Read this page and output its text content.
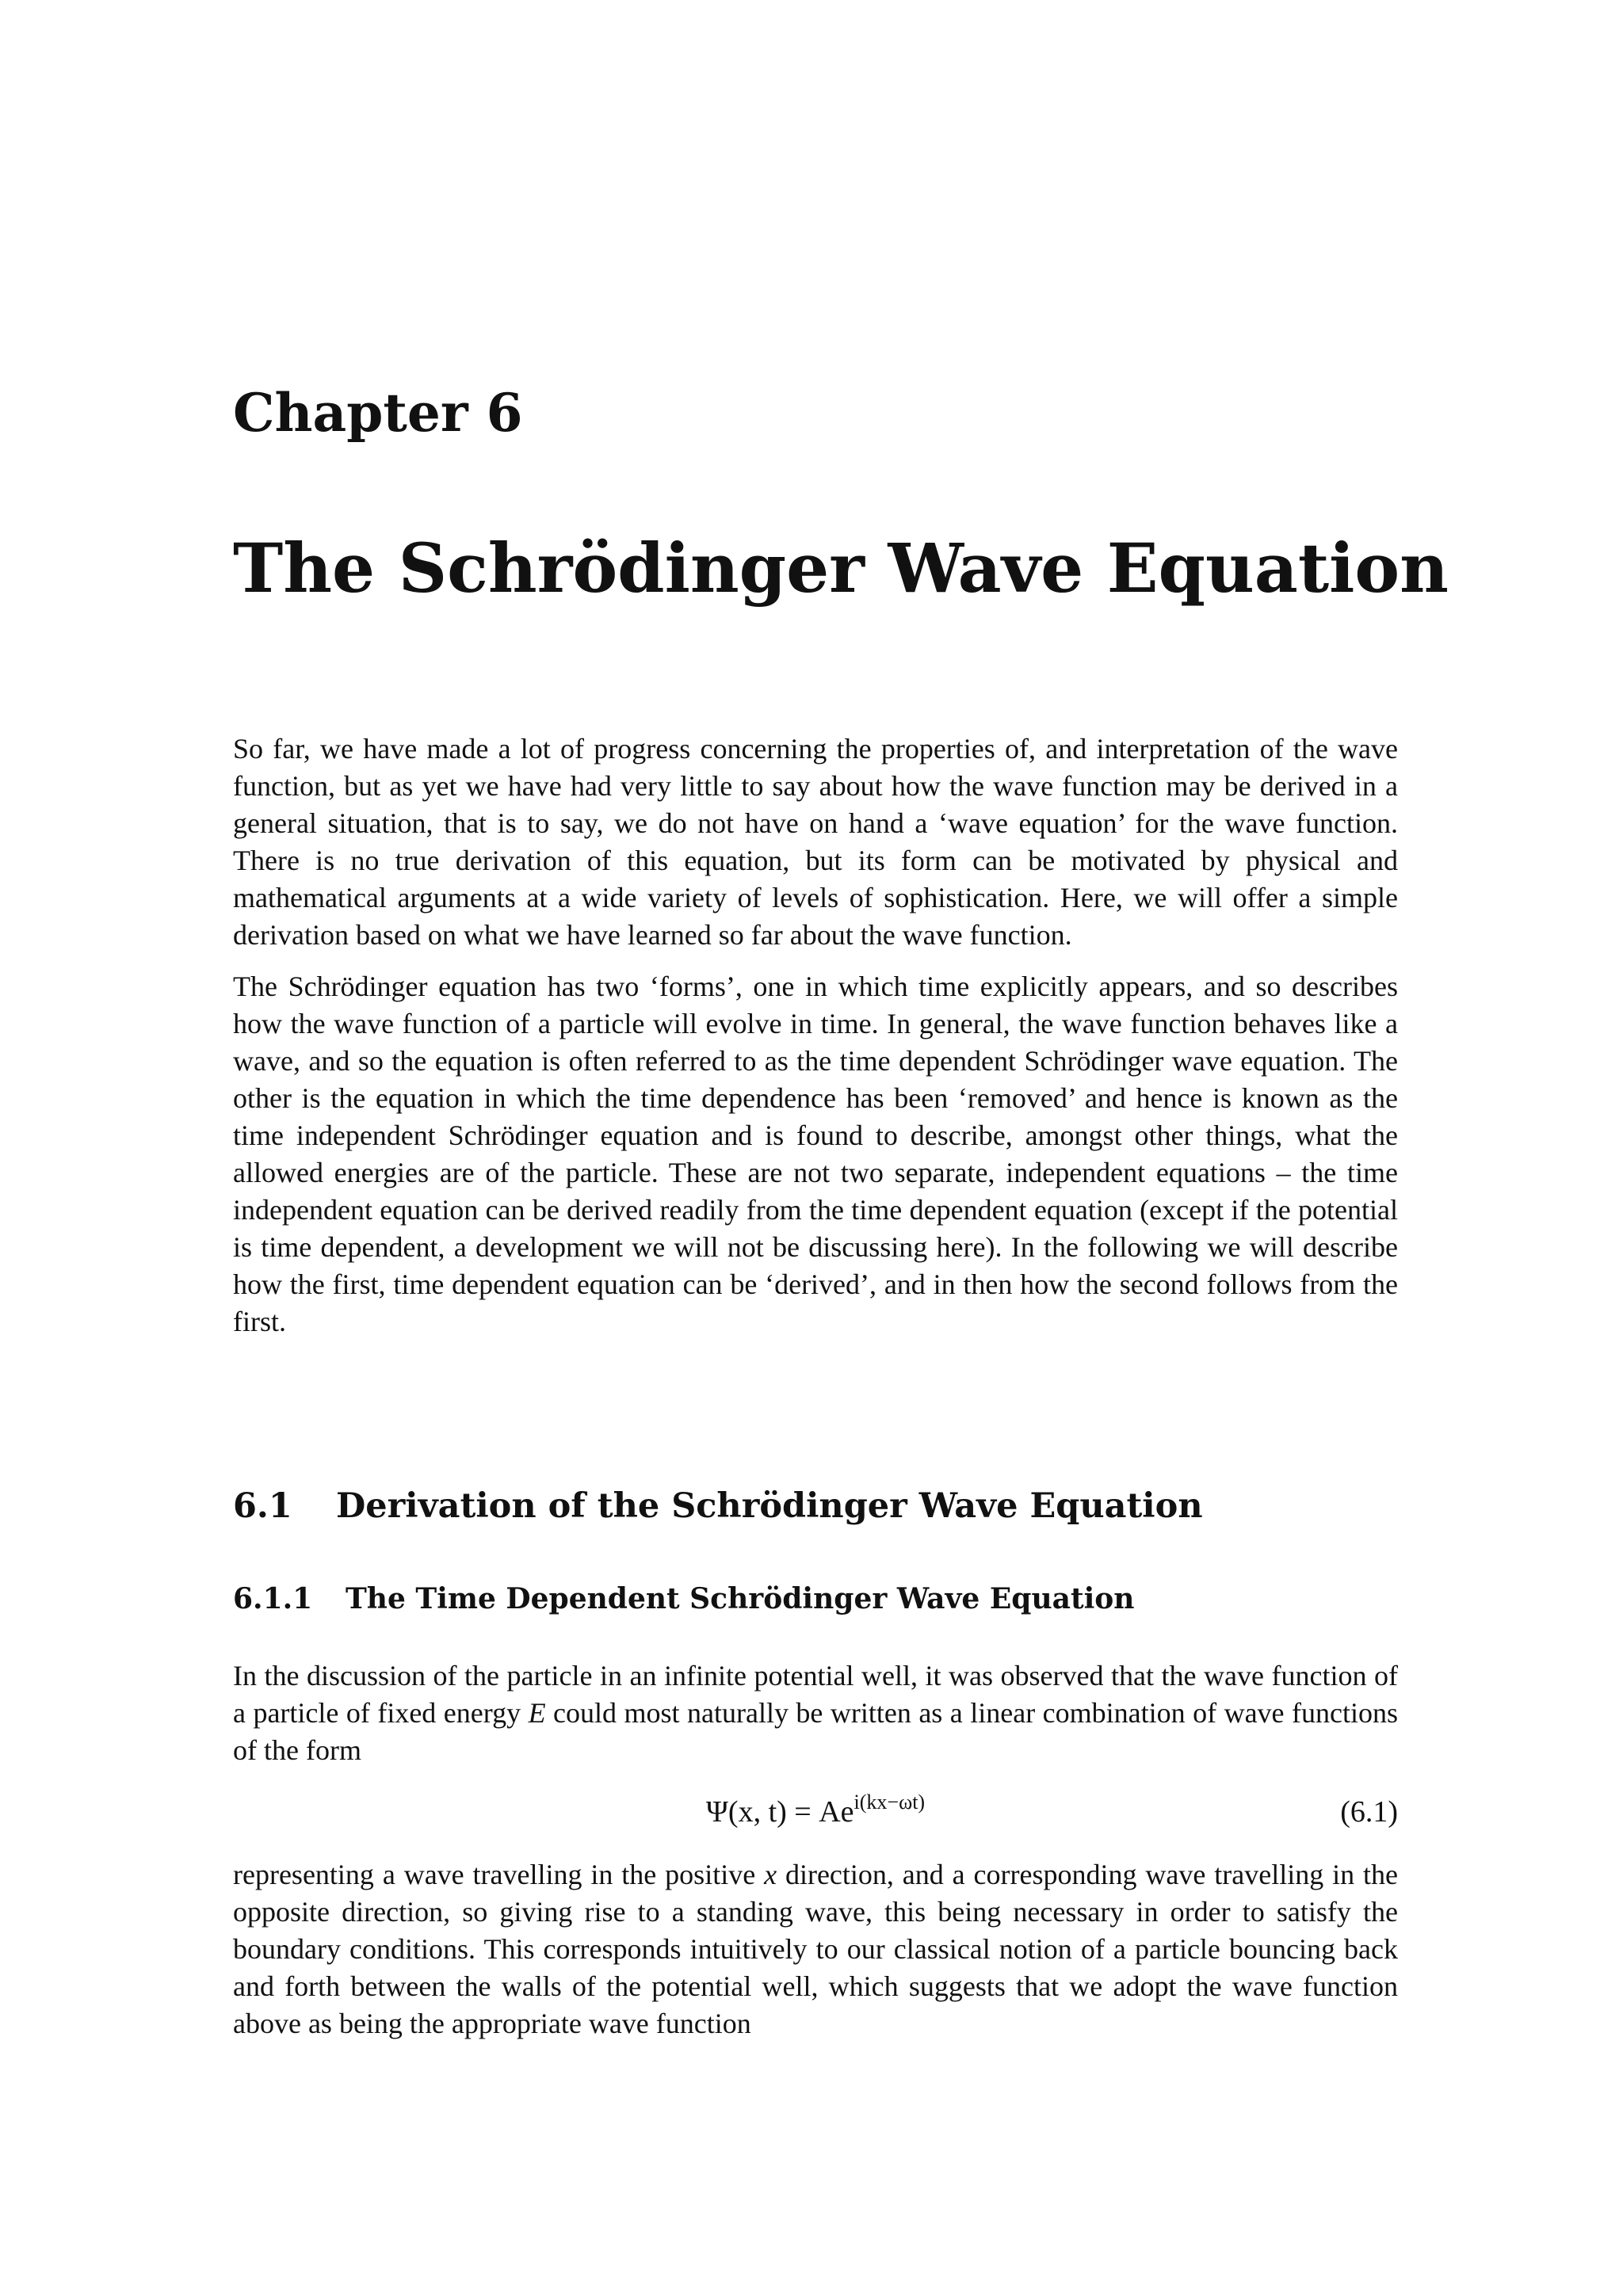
Chapter 6
The Schrödinger Wave Equation

So far, we have made a lot of progress concerning the properties of, and interpretation of the wave function, but as yet we have had very little to say about how the wave function may be derived in a general situation, that is to say, we do not have on hand a ‘wave equation’ for the wave function. There is no true derivation of this equation, but its form can be motivated by physical and mathematical arguments at a wide variety of levels of sophistication. Here, we will offer a simple derivation based on what we have learned so far about the wave function.

The Schrödinger equation has two ‘forms’, one in which time explicitly appears, and so describes how the wave function of a particle will evolve in time. In general, the wave function behaves like a wave, and so the equation is often referred to as the time dependent Schrödinger wave equation. The other is the equation in which the time dependence has been ‘removed’ and hence is known as the time independent Schrödinger equation and is found to describe, amongst other things, what the allowed energies are of the particle. These are not two separate, independent equations – the time independent equation can be derived readily from the time dependent equation (except if the potential is time dependent, a development we will not be discussing here). In the following we will describe how the first, time dependent equation can be ‘derived’, and in then how the second follows from the first.

6.1 Derivation of the Schrödinger Wave Equation
6.1.1 The Time Dependent Schrödinger Wave Equation

In the discussion of the particle in an infinite potential well, it was observed that the wave function of a particle of fixed energy E could most naturally be written as a linear combination of wave functions of the form

Ψ(x, $t) = Ae^{i(kx-\omega t)}$	(6.1)

representing a wave travelling in the positive x direction, and a corresponding wave travelling in the opposite direction, so giving rise to a standing wave, this being necessary in order to satisfy the boundary conditions. This corresponds intuitively to our classical notion of a particle bouncing back and forth between the walls of the potential well, which suggests that we adopt the wave function above as being the appropriate wave function
